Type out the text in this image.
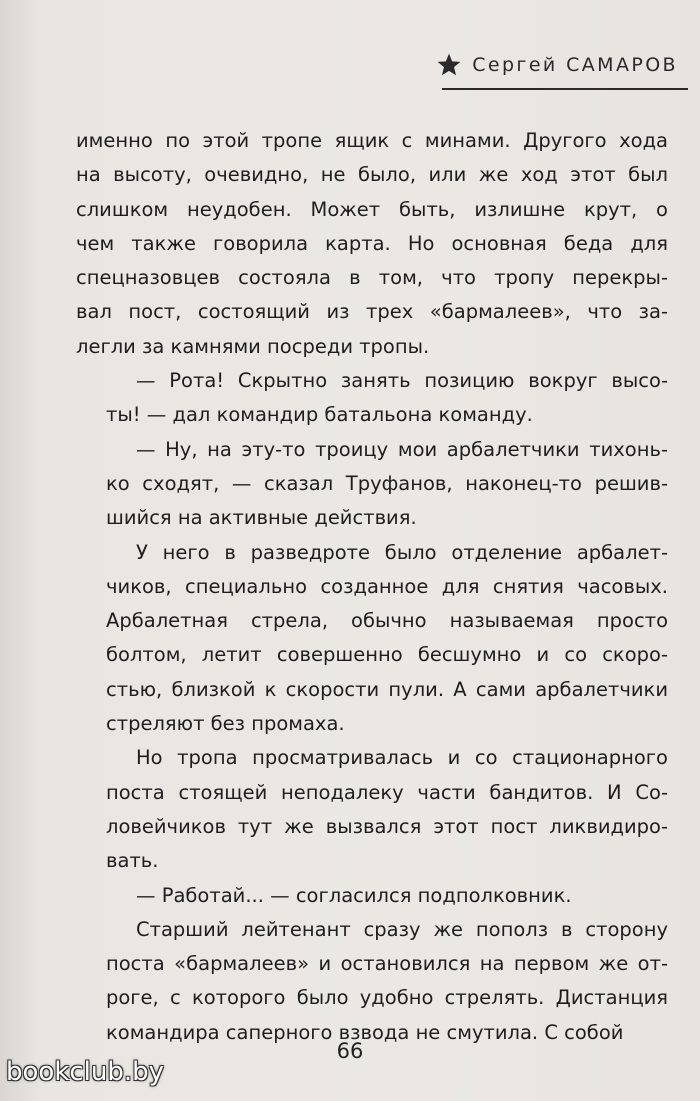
Сергей САМАРОВ
именно по этой тропе ящик с минами. Другого хода
на высоту, очевидно, не было, или же ход этот был
слишком неудобен. Может быть, излишне крут, о
чем также говорила карта. Но основная беда для
спецназовцев состояла в том, что тропу перекры-
вал пост, состоящий из трех «бармалеев», что за-
легли за камнями посреди тропы.
— Рота! Скрытно занять позицию вокруг высо-
ты! — дал командир батальона команду.
— Ну, на эту-то троицу мои арбалетчики тихонь-
ко сходят, — сказал Труфанов, наконец-то решив-
шийся на активные действия.
У него в разведроте было отделение арбалет-
чиков, специально созданное для снятия часовых.
Арбалетная стрела, обычно называемая просто
болтом, летит совершенно бесшумно и со скоро-
стью, близкой к скорости пули. А сами арбалетчики
стреляют без промаха.
Но тропа просматривалась и со стационарного
поста стоящей неподалеку части бандитов. И Со-
ловейчиков тут же вызвался этот пост ликвидиро-
вать.
— Работай... — согласился подполковник.
Старший лейтенант сразу же пополз в сторону
поста «бармалеев» и остановился на первом же от-
роге, с которого было удобно стрелять. Дистанция
командира саперного взвода не смутила. С собой
66
bookclub.by
